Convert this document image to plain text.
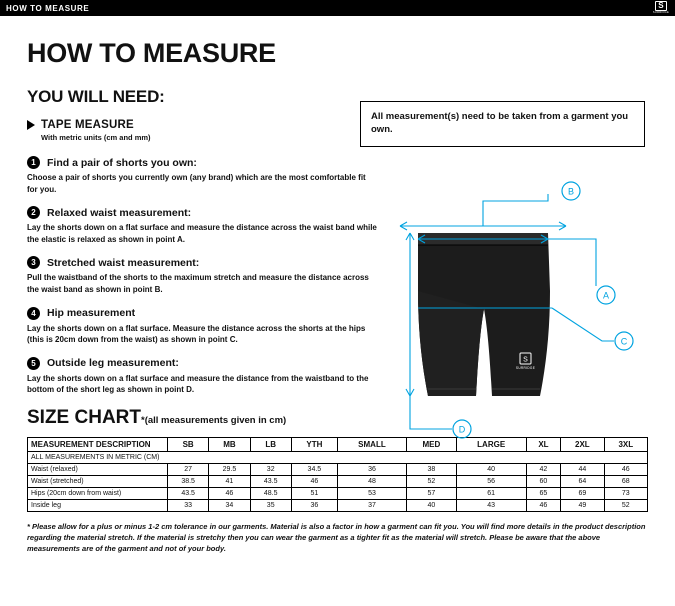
HOW TO MEASURE	S
SURRIDGE
HOW TO MEASURE
YOU WILL NEED:
All measurement(s) need to be taken from a garment you own.
TAPE MEASURE
With metric units (cm and mm)
1	Find a pair of shorts you own:
Choose a pair of shorts you currently own (any brand) which are the most comfortable fit for you.
2	Relaxed waist measurement:
Lay the shorts down on a flat surface and measure the distance across the waist band while the elastic is relaxed as shown in point A.
3	Stretched waist measurement:
Pull the waistband of the shorts to the maximum stretch and measure the distance across the waist band as shown in point B.
4	Hip measurement
Lay the shorts down on a flat surface. Measure the distance across the shorts at the hips (this is 20cm down from the waist) as shown in point C.
5	Outside leg measurement:
Lay the shorts down on a flat surface and measure the distance from the waistband to the bottom of the short leg as shown in point D.
S
SURRIDGE
B
A
C
D
SIZE CHART*(all measurements given in cm)
MEASUREMENT DESCRIPTION	SB	MB	LB	YTH	SMALL	MED	LARGE	XL	2XL	3XL
ALL MEASUREMENTS IN METRIC (CM)										
Waist (relaxed)	27	29.5	32	34.5	36	38	40	42	44	46
Waist (stretched)	38.5	41	43.5	46	48	52	56	60	64	68
Hips (20cm down from waist)	43.5	46	48.5	51	53	57	61	65	69	73
Inside leg	33	34	35	36	37	40	43	46	49	52
* Please allow for a plus or minus 1-2 cm tolerance in our garments. Material is also a factor in how a garment can fit you. You will find more details in the product description regarding the material stretch. If the material is stretchy then you can wear the garment as a tighter fit as the material will stretch. Please be aware that the above measurements are of the garment and not of your body.
